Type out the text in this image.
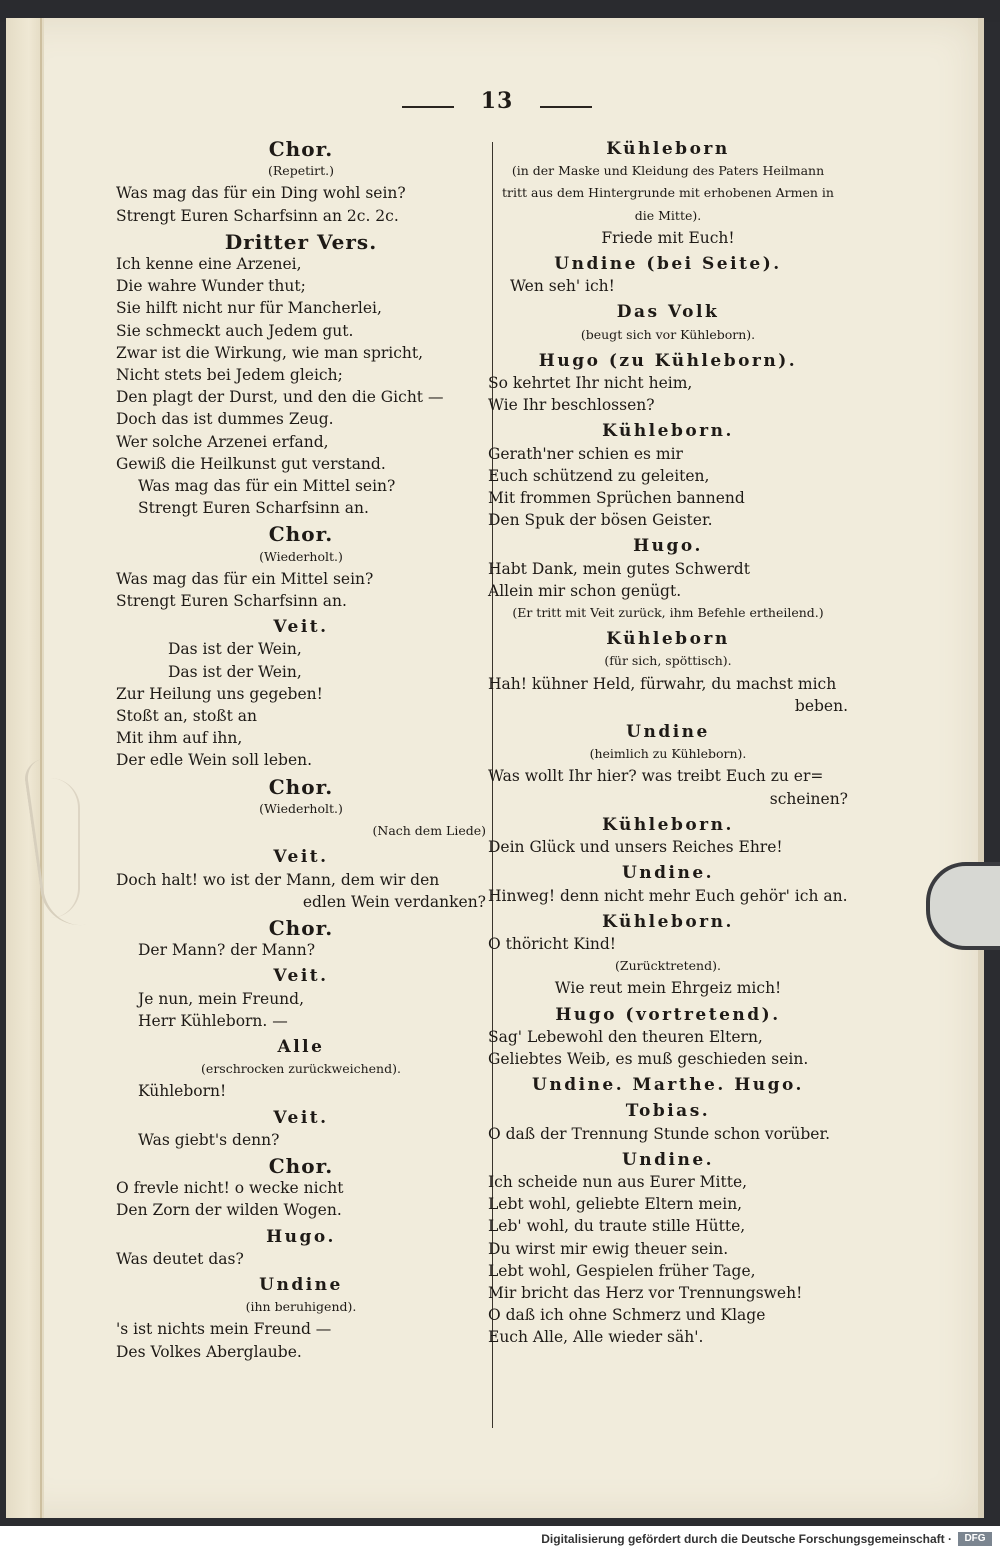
13
Chor.
(Repetirt.)
Was mag das für ein Ding wohl sein?
Strengt Euren Scharfsinn an 2c. 2c.
Dritter Vers.
Ich kenne eine Arzenei,
Die wahre Wunder thut;
Sie hilft nicht nur für Mancherlei,
Sie schmeckt auch Jedem gut.
Zwar ist die Wirkung, wie man spricht,
Nicht stets bei Jedem gleich;
Den plagt der Durst, und den die Gicht —
Doch das ist dummes Zeug.
Wer solche Arzenei erfand,
Gewiß die Heilkunst gut verstand.
Was mag das für ein Mittel sein?
Strengt Euren Scharfsinn an.
Chor.
(Wiederholt.)
Was mag das für ein Mittel sein?
Strengt Euren Scharfsinn an.
Veit.
Das ist der Wein,
Das ist der Wein,
Zur Heilung uns gegeben!
Stoßt an, stoßt an
Mit ihm auf ihn,
Der edle Wein soll leben.
Chor.
(Wiederholt.)
(Nach dem Liede)
Veit.
Doch halt! wo ist der Mann, dem wir den
edlen Wein verdanken?
Chor.
Der Mann? der Mann?
Veit.
Je nun, mein Freund,
Herr Kühleborn. —
Alle
(erschrocken zurückweichend).
Kühleborn!
Veit.
Was giebt's denn?
Chor.
O frevle nicht! o wecke nicht
Den Zorn der wilden Wogen.
Hugo.
Was deutet das?
Undine
(ihn beruhigend).
's ist nichts mein Freund —
Des Volkes Aberglaube.
Kühleborn
(in der Maske und Kleidung des Paters Heilmann
tritt aus dem Hintergrunde mit erhobenen Armen in
die Mitte).
Friede mit Euch!
Undine (bei Seite).
Wen seh' ich!
Das Volk
(beugt sich vor Kühleborn).
Hugo (zu Kühleborn).
So kehrtet Ihr nicht heim,
Wie Ihr beschlossen?
Kühleborn.
Gerath'ner schien es mir
Euch schützend zu geleiten,
Mit frommen Sprüchen bannend
Den Spuk der bösen Geister.
Hugo.
Habt Dank, mein gutes Schwerdt
Allein mir schon genügt.
(Er tritt mit Veit zurück, ihm Befehle ertheilend.)
Kühleborn
(für sich, spöttisch).
Hah! kühner Held, fürwahr, du machst mich
beben.
Undine
(heimlich zu Kühleborn).
Was wollt Ihr hier? was treibt Euch zu er=
scheinen?
Kühleborn.
Dein Glück und unsers Reiches Ehre!
Undine.
Hinweg! denn nicht mehr Euch gehör' ich an.
Kühleborn.
O thöricht Kind!
(Zurücktretend).
Wie reut mein Ehrgeiz mich!
Hugo (vortretend).
Sag' Lebewohl den theuren Eltern,
Geliebtes Weib, es muß geschieden sein.
Undine. Marthe. Hugo.
Tobias.
O daß der Trennung Stunde schon vorüber.
Undine.
Ich scheide nun aus Eurer Mitte,
Lebt wohl, geliebte Eltern mein,
Leb' wohl, du traute stille Hütte,
Du wirst mir ewig theuer sein.
Lebt wohl, Gespielen früher Tage,
Mir bricht das Herz vor Trennungsweh!
O daß ich ohne Schmerz und Klage
Euch Alle, Alle wieder säh'.
Digitalisierung gefördert durch die Deutsche Forschungsgemeinschaft ·	DFG
